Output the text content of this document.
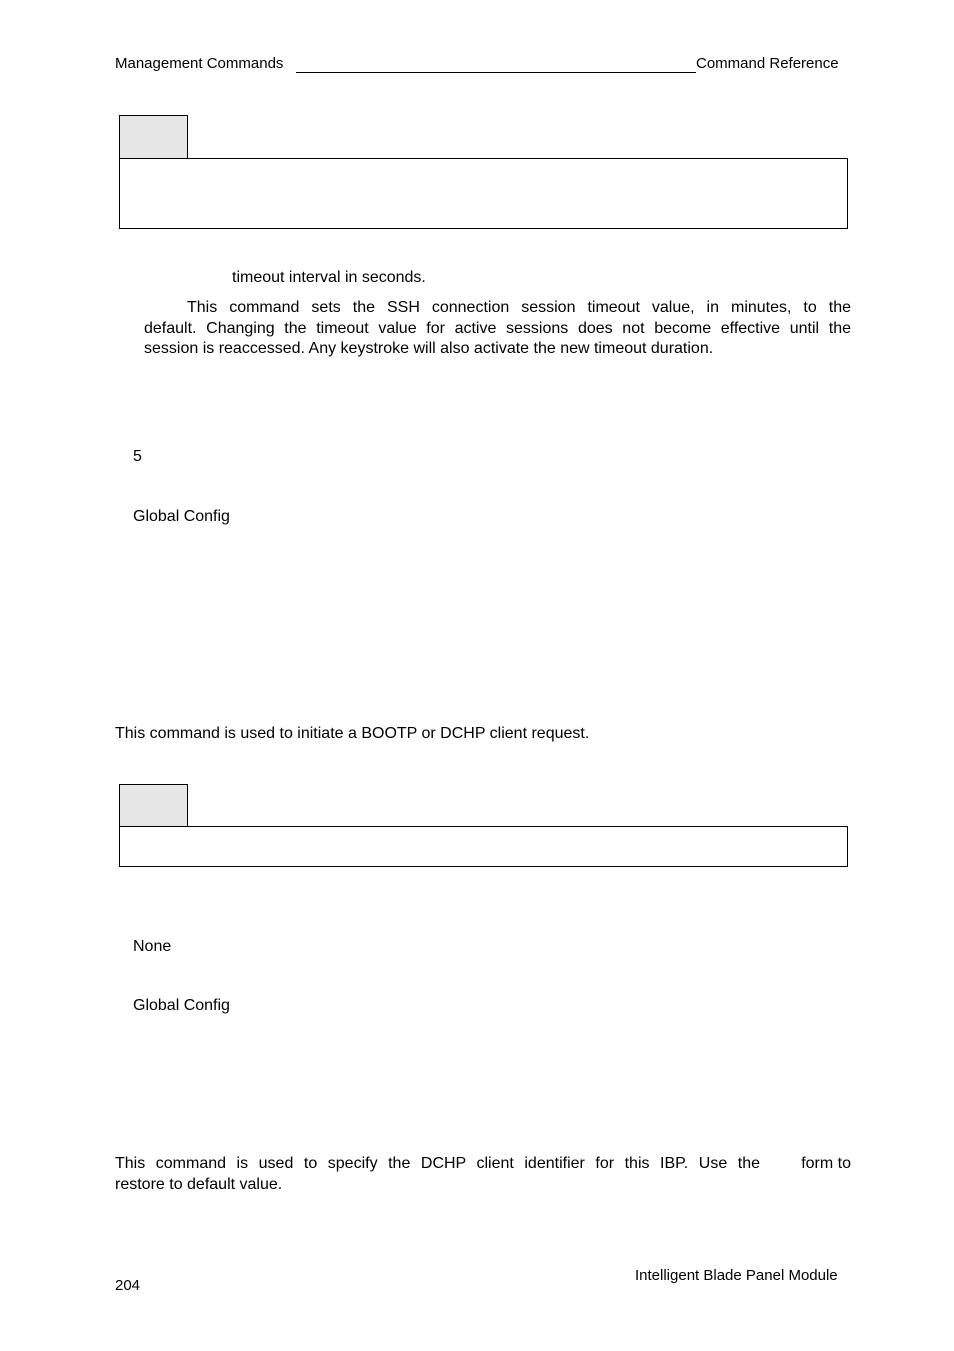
Management Commands	Command Reference
timeout interval in seconds.
This command sets the SSH connection session timeout value, in minutes, to the
default. Changing the timeout value for active sessions does not become effective until the
session is reaccessed. Any keystroke will also activate the new timeout duration.
5
Global Config
This command is used to initiate a BOOTP or DCHP client request.
None
Global Config
This command is used to specify the DCHP client identifier for this IBP. Use the	form to
restore to default value.
204
Intelligent Blade Panel Module
